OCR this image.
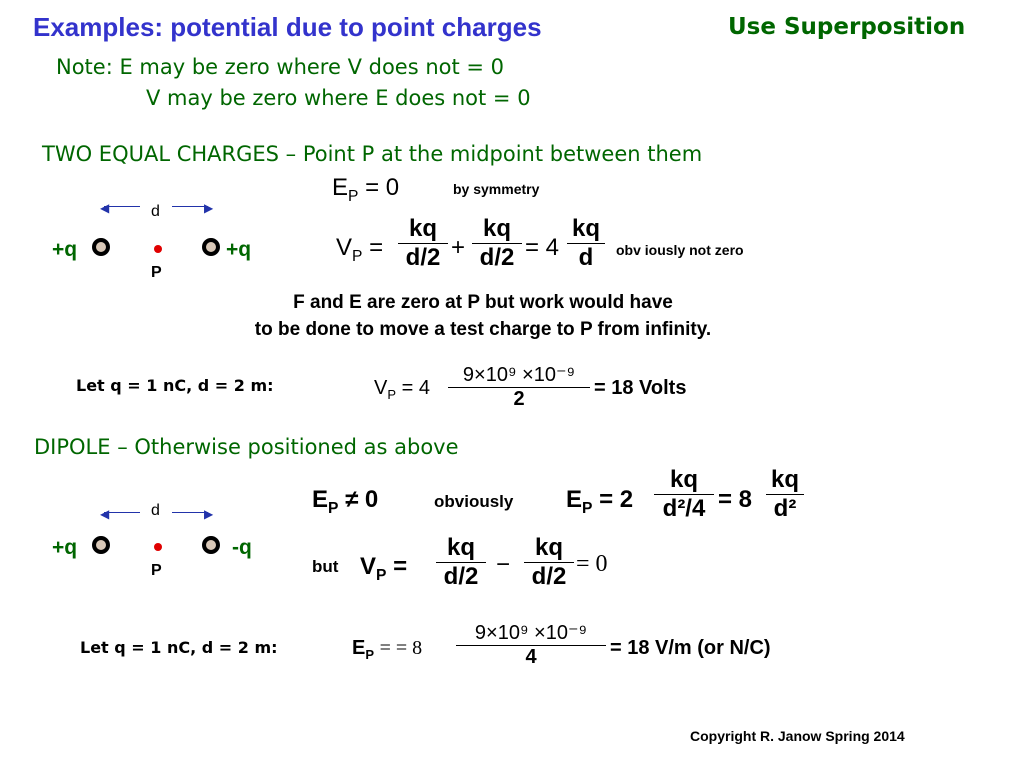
Examples: potential due to point charges	Use Superposition
Note: E may be zero where V does not = 0
V may be zero where E does not = 0
TWO EQUAL CHARGES – Point P at the midpoint between them
$E_P = 0$	by symmetry
◀	▶
d
+q	+q
P
$V_P$ =
kq
d/2 +
kq
d/2 = 4
kq
d obv iously not zero
F and E are zero at P but work would have
to be done to move a test charge to P from infinity.
Let q = 1 nC, d = 2 m:	$V_P = 4$
9×10⁹ ×10⁻⁹
2	= 18 Volts
DIPOLE – Otherwise positioned as above
$E_P \ne 0$	obviously $E_P = 2$
kq
d²/4 = 8
kq
d²
◀	▶
d
+q	-q
P	but $V_P$ =
kq
d/2 −
kq
d/2 = 0
Let q = 1 nC, d = 2 m:	$E_P$ = = 8
9×10⁹ ×10⁻⁹
4	= 18 V/m (or N/C)
Copyright R. Janow Spring 2014
